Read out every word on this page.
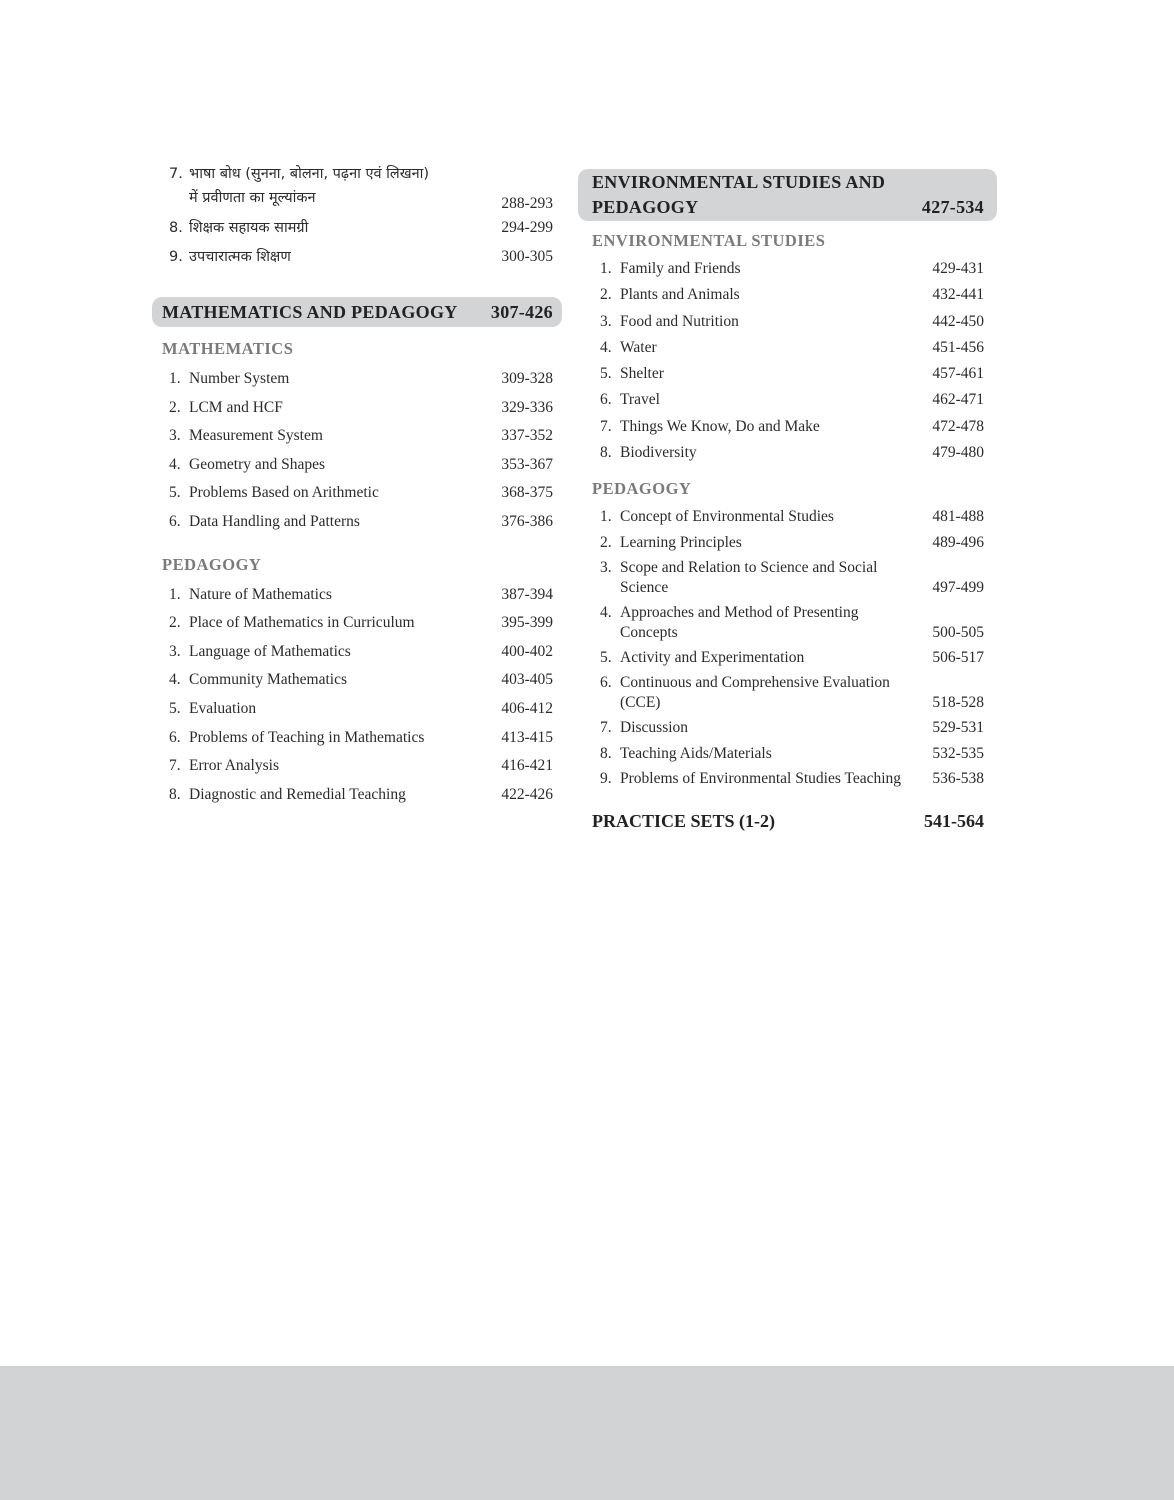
7. भाषा बोध (सुनना, बोलना, पढ़ना एवं लिखना)
में प्रवीणता का मूल्यांकन	288-293
8. शिक्षक सहायक सामग्री	294-299
9. उपचारात्मक शिक्षण	300-305
MATHEMATICS AND PEDAGOGY 307-426
MATHEMATICS
1. Number System	309-328
2. LCM and HCF	329-336
3. Measurement System	337-352
4. Geometry and Shapes	353-367
5. Problems Based on Arithmetic	368-375
6. Data Handling and Patterns	376-386
PEDAGOGY
1. Nature of Mathematics	387-394
2. Place of Mathematics in Curriculum	395-399
3. Language of Mathematics	400-402
4. Community Mathematics	403-405
5. Evaluation	406-412
6. Problems of Teaching in Mathematics	413-415
7. Error Analysis	416-421
8. Diagnostic and Remedial Teaching	422-426
ENVIRONMENTAL STUDIES AND
PEDAGOGY	427-534
ENVIRONMENTAL STUDIES
1. Family and Friends	429-431
2. Plants and Animals	432-441
3. Food and Nutrition	442-450
4. Water	451-456
5. Shelter	457-461
6. Travel	462-471
7. Things We Know, Do and Make	472-478
8. Biodiversity	479-480
PEDAGOGY
1. Concept of Environmental Studies	481-488
2. Learning Principles	489-496
3. Scope and Relation to Science and Social Science	497-499
4. Approaches and Method of Presenting Concepts	500-505
5. Activity and Experimentation	506-517
6. Continuous and Comprehensive Evaluation (CCE)	518-528
7. Discussion	529-531
8. Teaching Aids/Materials	532-535
9. Problems of Environmental Studies Teaching 536-538
PRACTICE SETS (1-2)	541-564
